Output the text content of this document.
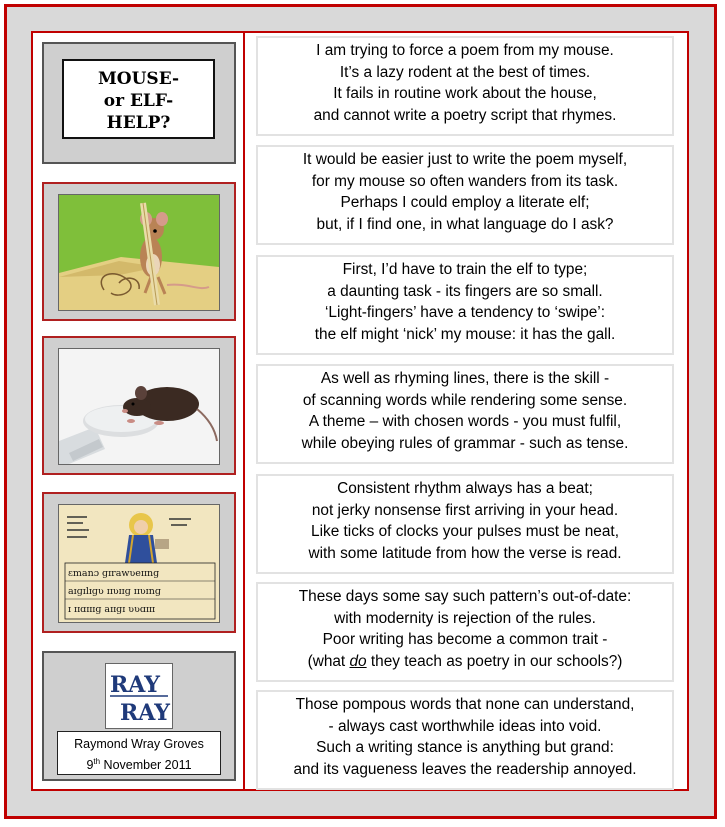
MOUSE-
or ELF-
HELP?
ɛmanɔ ɡɪrawʋeɪɪnɡ
aɪɡɪlɪɡʋ ɪɪʋɪɪɡ ɪɪʋɪnɡ
ɪ ɪɪɑɪɪɪɡ aɪɪɡɪ ʋʋɑɪɪɪ
RAY
RAY
Raymond Wray Groves
9th November 2011
I am trying to force a poem from my mouse.
It’s a lazy rodent at the best of times.
It fails in routine work about the house,
and cannot write a poetry script that rhymes.
It would be easier just to write the poem myself,
for my mouse so often wanders from its task.
Perhaps I could employ a literate elf;
but, if I find one, in what language do I ask?
First, I’d have to train the elf to type;
a daunting task - its fingers are so small.
‘Light-fingers’ have a tendency to ‘swipe’:
the elf might ‘nick’ my mouse: it has the gall.
As well as rhyming lines, there is the skill -
of scanning words while rendering some sense.
A theme – with chosen words - you must fulfil,
while obeying rules of grammar - such as tense.
Consistent rhythm always has a beat;
not jerky nonsense first arriving in your head.
Like ticks of clocks your pulses must be neat,
with some latitude from how the verse is read.
These days some say such pattern’s out-of-date:
with modernity is rejection of the rules.
Poor writing has become a common trait -
(what do they teach as poetry in our schools?)
Those pompous words that none can understand,
- always cast worthwhile ideas into void.
Such a writing stance is anything but grand:
and its vagueness leaves the readership annoyed.
